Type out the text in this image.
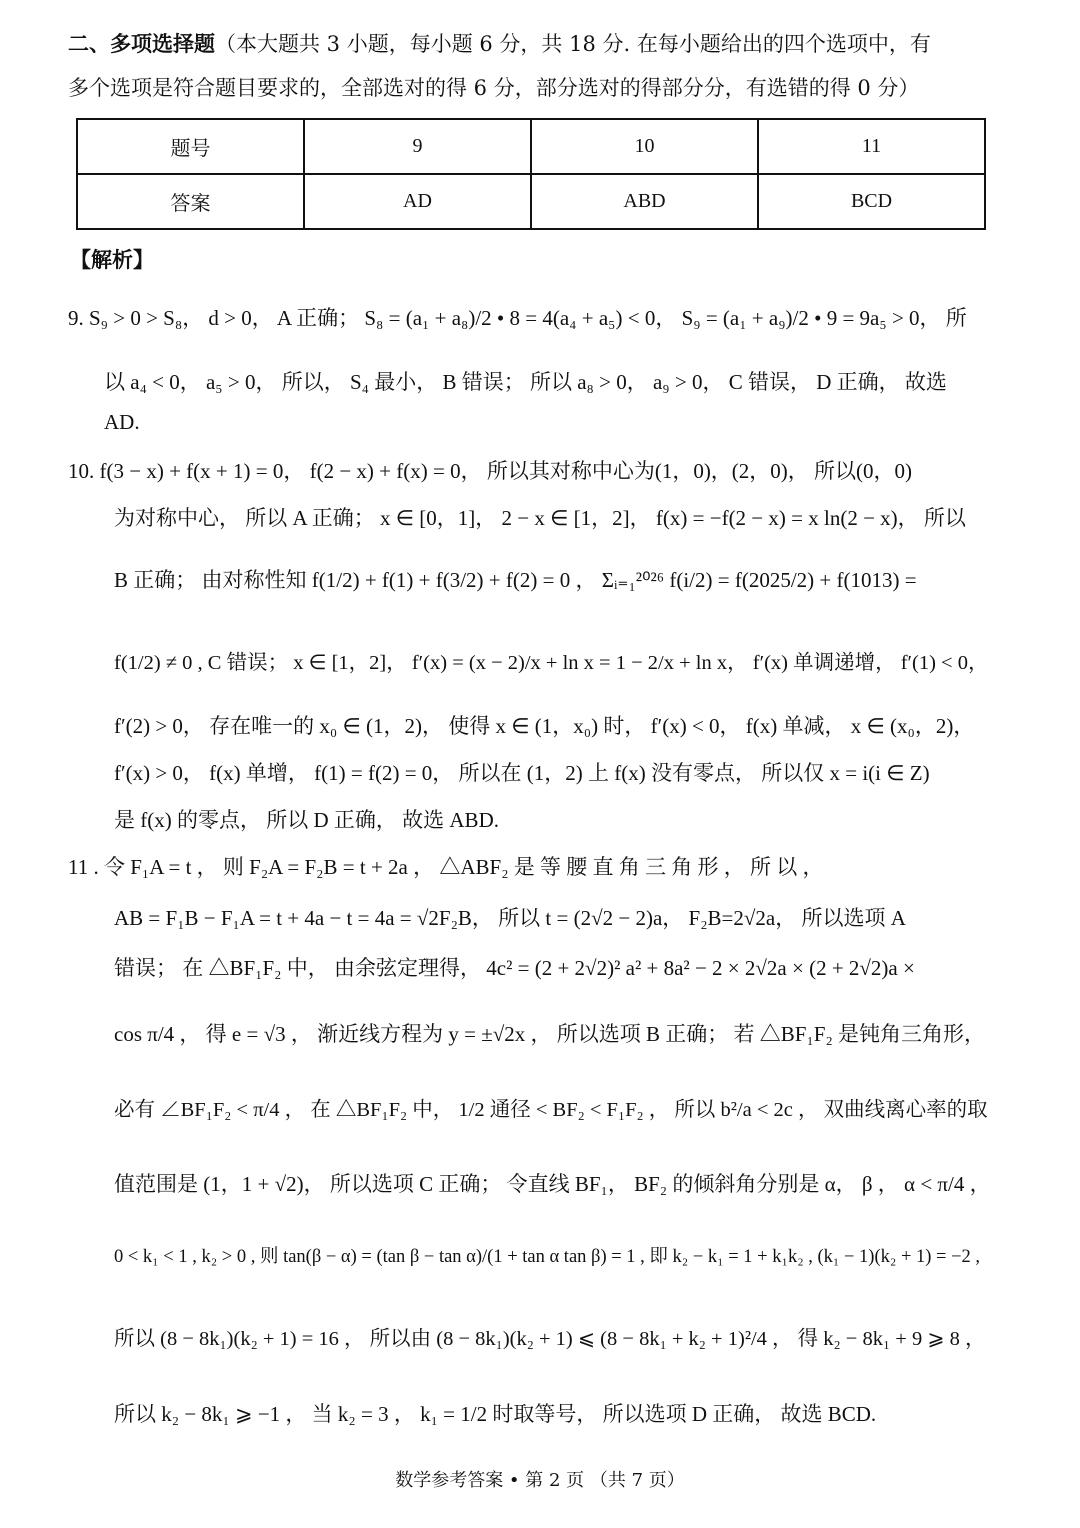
二、多项选择题（本大题共 3 小题，每小题 6 分，共 18 分. 在每小题给出的四个选项中，有
多个选项是符合题目要求的，全部选对的得 6 分，部分选对的得部分分，有选错的得 0 分）
题号	9	10	11
答案	AD	ABD	BCD
【解析】
9. S₉ > 0 > S₈， d > 0， A 正确； S₈ = (a₁ + a₈)/2 • 8 = 4(a₄ + a₅) < 0， S₉ = (a₁ + a₉)/2 • 9 = 9a₅ > 0， 所
以 a₄ < 0， a₅ > 0， 所以， S₄ 最小， B 错误； 所以 a₈ > 0， a₉ > 0， C 错误， D 正确， 故选
AD.
10. f(3 − x) + f(x + 1) = 0， f(2 − x) + f(x) = 0， 所以其对称中心为(1，0)，(2，0)， 所以(0，0)
为对称中心， 所以 A 正确； x ∈ [0，1]， 2 − x ∈ [1，2]， f(x) = −f(2 − x) = x ln(2 − x)， 所以
B 正确； 由对称性知 f(1/2) + f(1) + f(3/2) + f(2) = 0 ， Σᵢ₌₁²⁰²⁶ f(i/2) = f(2025/2) + f(1013) =
f(1/2) ≠ 0 , C 错误； x ∈ [1，2]， f′(x) = (x − 2)/x + ln x = 1 − 2/x + ln x， f′(x) 单调递增， f′(1) < 0，
f′(2) > 0， 存在唯一的 x₀ ∈ (1，2)， 使得 x ∈ (1，x₀) 时， f′(x) < 0， f(x) 单减， x ∈ (x₀，2)，
f′(x) > 0， f(x) 单增， f(1) = f(2) = 0， 所以在 (1，2) 上 f(x) 没有零点， 所以仅 x = i(i ∈ Z)
是 f(x) 的零点， 所以 D 正确， 故选 ABD.
11 . 令 F₁A = t ， 则 F₂A = F₂B = t + 2a ， △ABF₂ 是 等 腰 直 角 三 角 形 ， 所 以 ，
AB = F₁B − F₁A = t + 4a − t = 4a = √2F₂B， 所以 t = (2√2 − 2)a， F₂B=2√2a， 所以选项 A
错误； 在 △BF₁F₂ 中， 由余弦定理得， 4c² = (2 + 2√2)² a² + 8a² − 2 × 2√2a × (2 + 2√2)a ×
cos π/4 ， 得 e = √3 ， 渐近线方程为 y = ±√2x ， 所以选项 B 正确； 若 △BF₁F₂ 是钝角三角形，
必有 ∠BF₁F₂ < π/4 ， 在 △BF₁F₂ 中， 1/2 通径 < BF₂ < F₁F₂ ， 所以 b²/a < 2c ， 双曲线离心率的取
值范围是 (1，1 + √2)， 所以选项 C 正确； 令直线 BF₁， BF₂ 的倾斜角分别是 α， β ， α < π/4 ，
0 < k₁ < 1 , k₂ > 0 , 则 tan(β − α) = (tan β − tan α)/(1 + tan α tan β) = 1 , 即 k₂ − k₁ = 1 + k₁k₂ , (k₁ − 1)(k₂ + 1) = −2 ,
所以 (8 − 8k₁)(k₂ + 1) = 16 ， 所以由 (8 − 8k₁)(k₂ + 1) ⩽ (8 − 8k₁ + k₂ + 1)²/4 ， 得 k₂ − 8k₁ + 9 ⩾ 8 ，
所以 k₂ − 8k₁ ⩾ −1 ， 当 k₂ = 3 ， k₁ = 1/2 时取等号， 所以选项 D 正确， 故选 BCD.
数学参考答案 • 第 2 页 （共 7 页）
